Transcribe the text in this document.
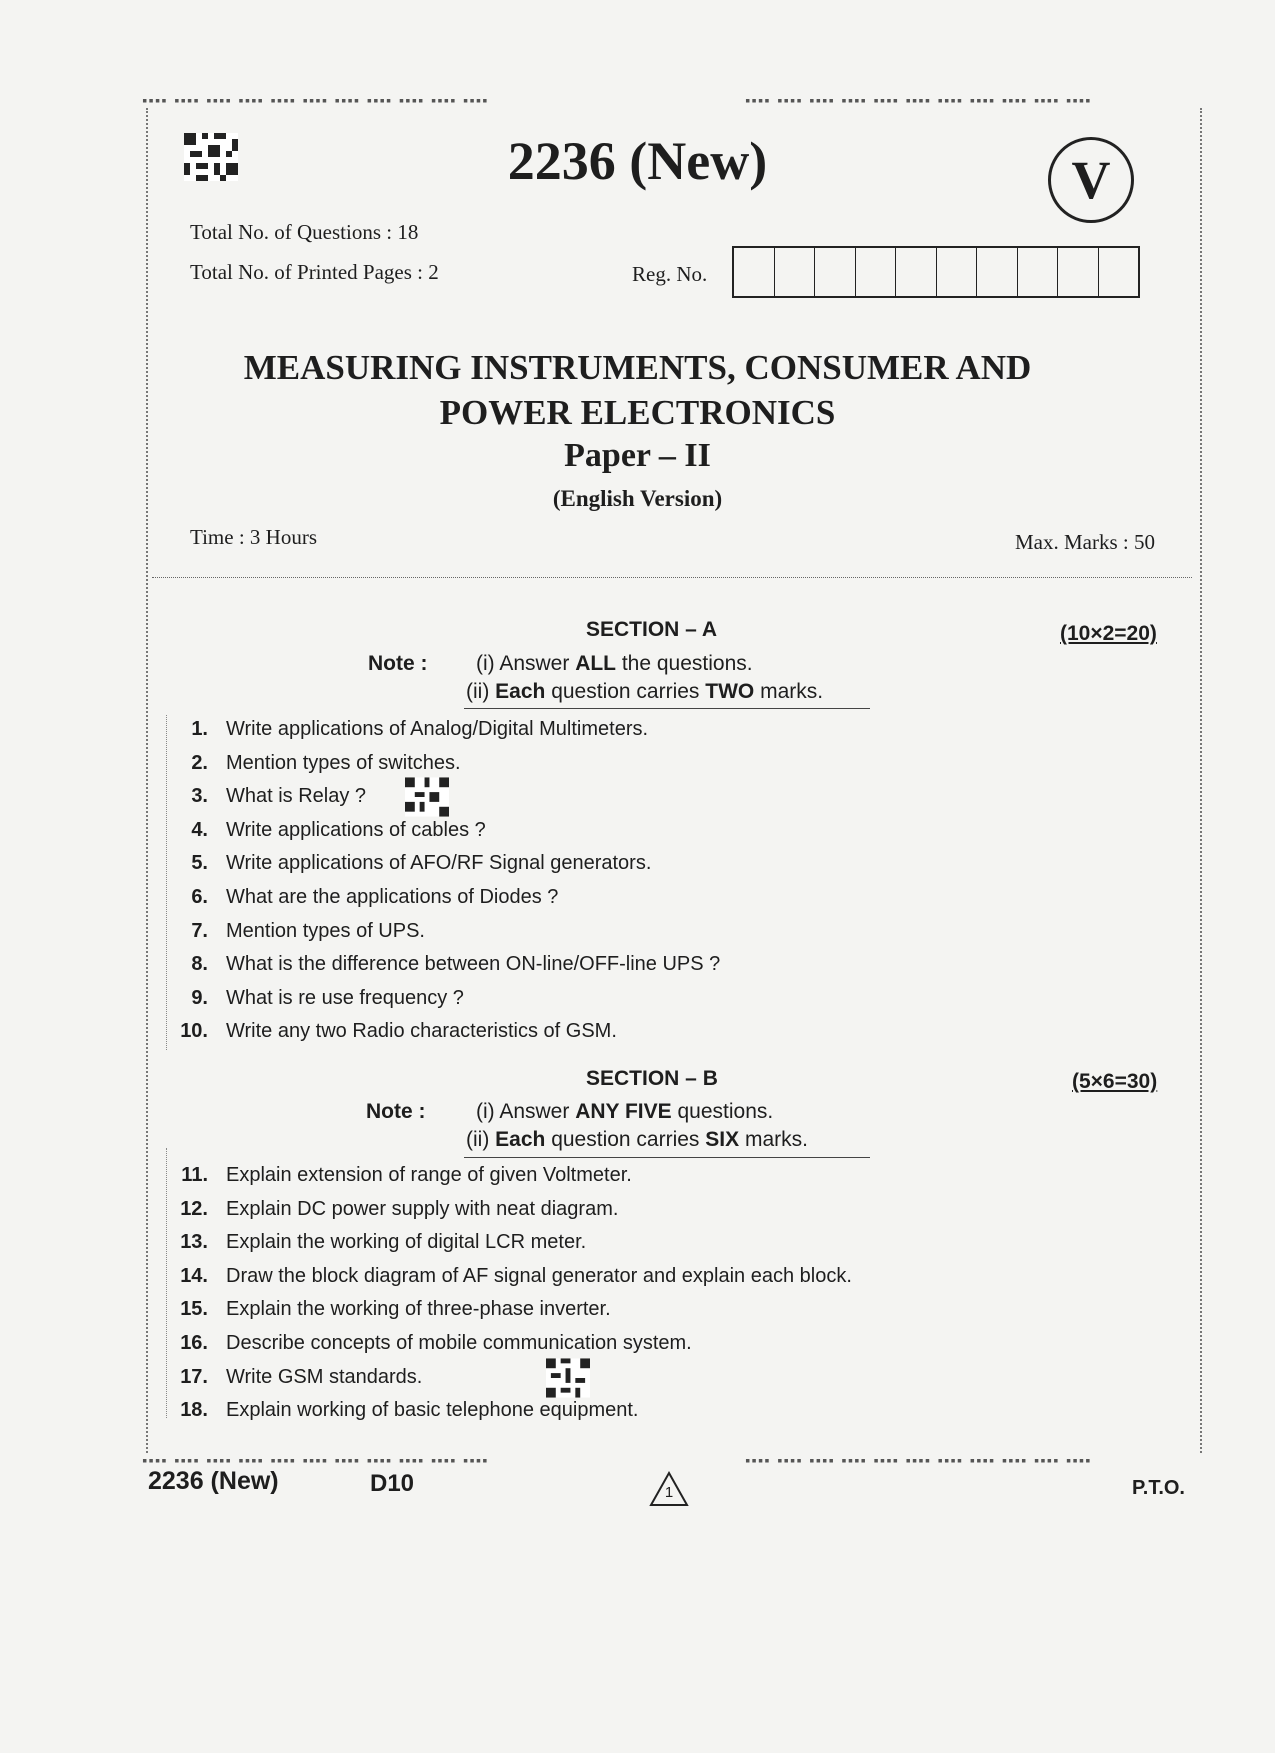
▪▪▪▪ ▪▪▪▪ ▪▪▪▪ ▪▪▪▪ ▪▪▪▪ ▪▪▪▪ ▪▪▪▪ ▪▪▪▪ ▪▪▪▪ ▪▪▪▪ ▪▪▪▪	▪▪▪▪ ▪▪▪▪ ▪▪▪▪ ▪▪▪▪ ▪▪▪▪ ▪▪▪▪ ▪▪▪▪ ▪▪▪▪ ▪▪▪▪ ▪▪▪▪ ▪▪▪▪
▪▪▪▪ ▪▪▪▪ ▪▪▪▪ ▪▪▪▪ ▪▪▪▪ ▪▪▪▪ ▪▪▪▪ ▪▪▪▪ ▪▪▪▪ ▪▪▪▪ ▪▪▪▪	▪▪▪▪ ▪▪▪▪ ▪▪▪▪ ▪▪▪▪ ▪▪▪▪ ▪▪▪▪ ▪▪▪▪ ▪▪▪▪ ▪▪▪▪ ▪▪▪▪ ▪▪▪▪
2236 (New)	V
Total No. of Questions : 18
Total No. of Printed Pages : 2	Reg. No.
MEASURING INSTRUMENTS, CONSUMER AND
POWER ELECTRONICS
Paper – II
(English Version)
Time : 3 Hours	Max. Marks : 50
SECTION – A	(10×2=20)
Note : (i) Answer ALL the questions.
(ii) Each question carries TWO marks.
1. Write applications of Analog/Digital Multimeters.
2. Mention types of switches.
3. What is Relay ?
4. Write applications of cables ?
5. Write applications of AFO/RF Signal generators.
6. What are the applications of Diodes ?
7. Mention types of UPS.
8. What is the difference between ON-line/OFF-line UPS ?
9. What is re use frequency ?
10. Write any two Radio characteristics of GSM.
SECTION – B	(5×6=30)
Note : (i) Answer ANY FIVE questions.
(ii) Each question carries SIX marks.
11. Explain extension of range of given Voltmeter.
12. Explain DC power supply with neat diagram.
13. Explain the working of digital LCR meter.
14. Draw the block diagram of AF signal generator and explain each block.
15. Explain the working of three-phase inverter.
16. Describe concepts of mobile communication system.
17. Write GSM standards.
18. Explain working of basic telephone equipment.
2236 (New)	D10	1	P.T.O.
